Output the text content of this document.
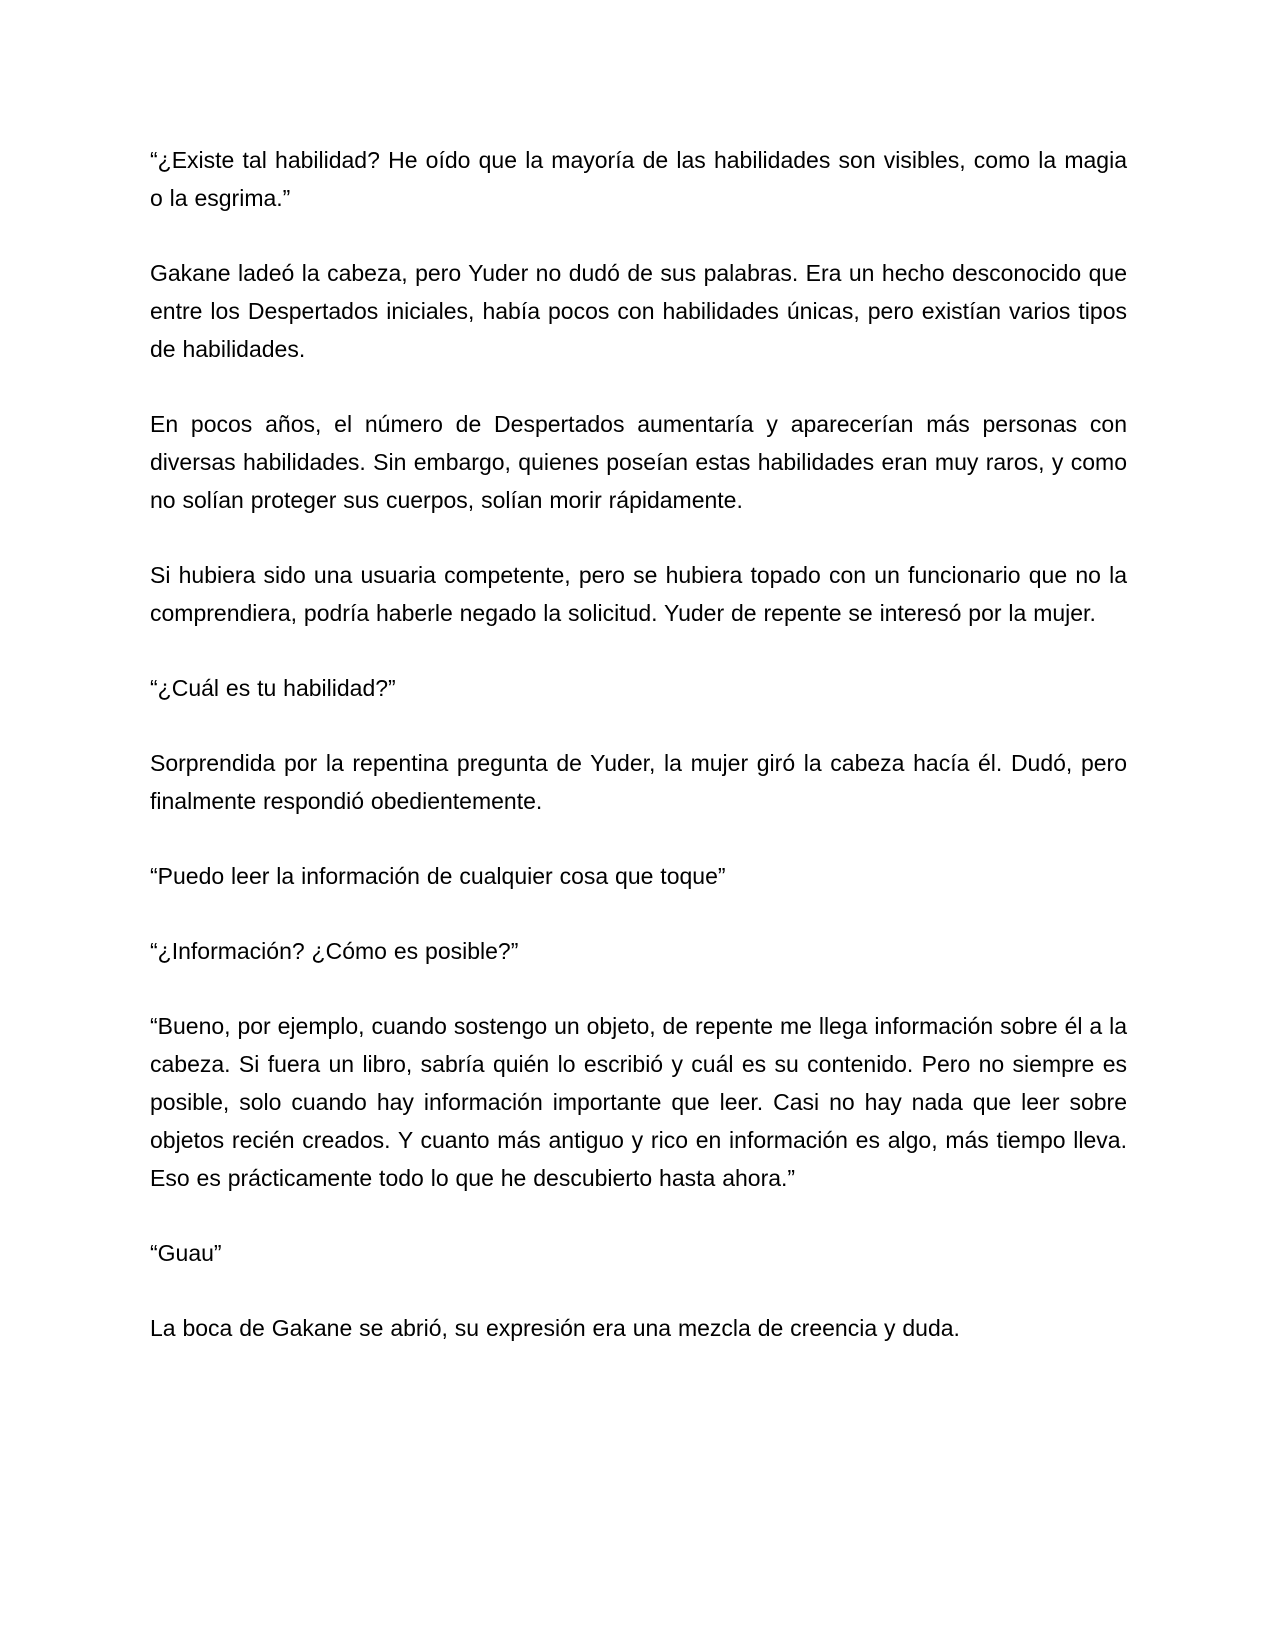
“¿Existe tal habilidad? He oído que la mayoría de las habilidades son visibles, como la magia o la esgrima.”

Gakane ladeó la cabeza, pero Yuder no dudó de sus palabras. Era un hecho desconocido que entre los Despertados iniciales, había pocos con habilidades únicas, pero existían varios tipos de habilidades.

En pocos años, el número de Despertados aumentaría y aparecerían más personas con diversas habilidades. Sin embargo, quienes poseían estas habilidades eran muy raros, y como no solían proteger sus cuerpos, solían morir rápidamente.

Si hubiera sido una usuaria competente, pero se hubiera topado con un funcionario que no la comprendiera, podría haberle negado la solicitud. Yuder de repente se interesó por la mujer.

“¿Cuál es tu habilidad?”

Sorprendida por la repentina pregunta de Yuder, la mujer giró la cabeza hacía él. Dudó, pero finalmente respondió obedientemente.

“Puedo leer la información de cualquier cosa que toque”

“¿Información? ¿Cómo es posible?”

“Bueno, por ejemplo, cuando sostengo un objeto, de repente me llega información sobre él a la cabeza. Si fuera un libro, sabría quién lo escribió y cuál es su contenido. Pero no siempre es posible, solo cuando hay información importante que leer. Casi no hay nada que leer sobre objetos recién creados. Y cuanto más antiguo y rico en información es algo, más tiempo lleva. Eso es prácticamente todo lo que he descubierto hasta ahora.”

“Guau”

La boca de Gakane se abrió, su expresión era una mezcla de creencia y duda.
